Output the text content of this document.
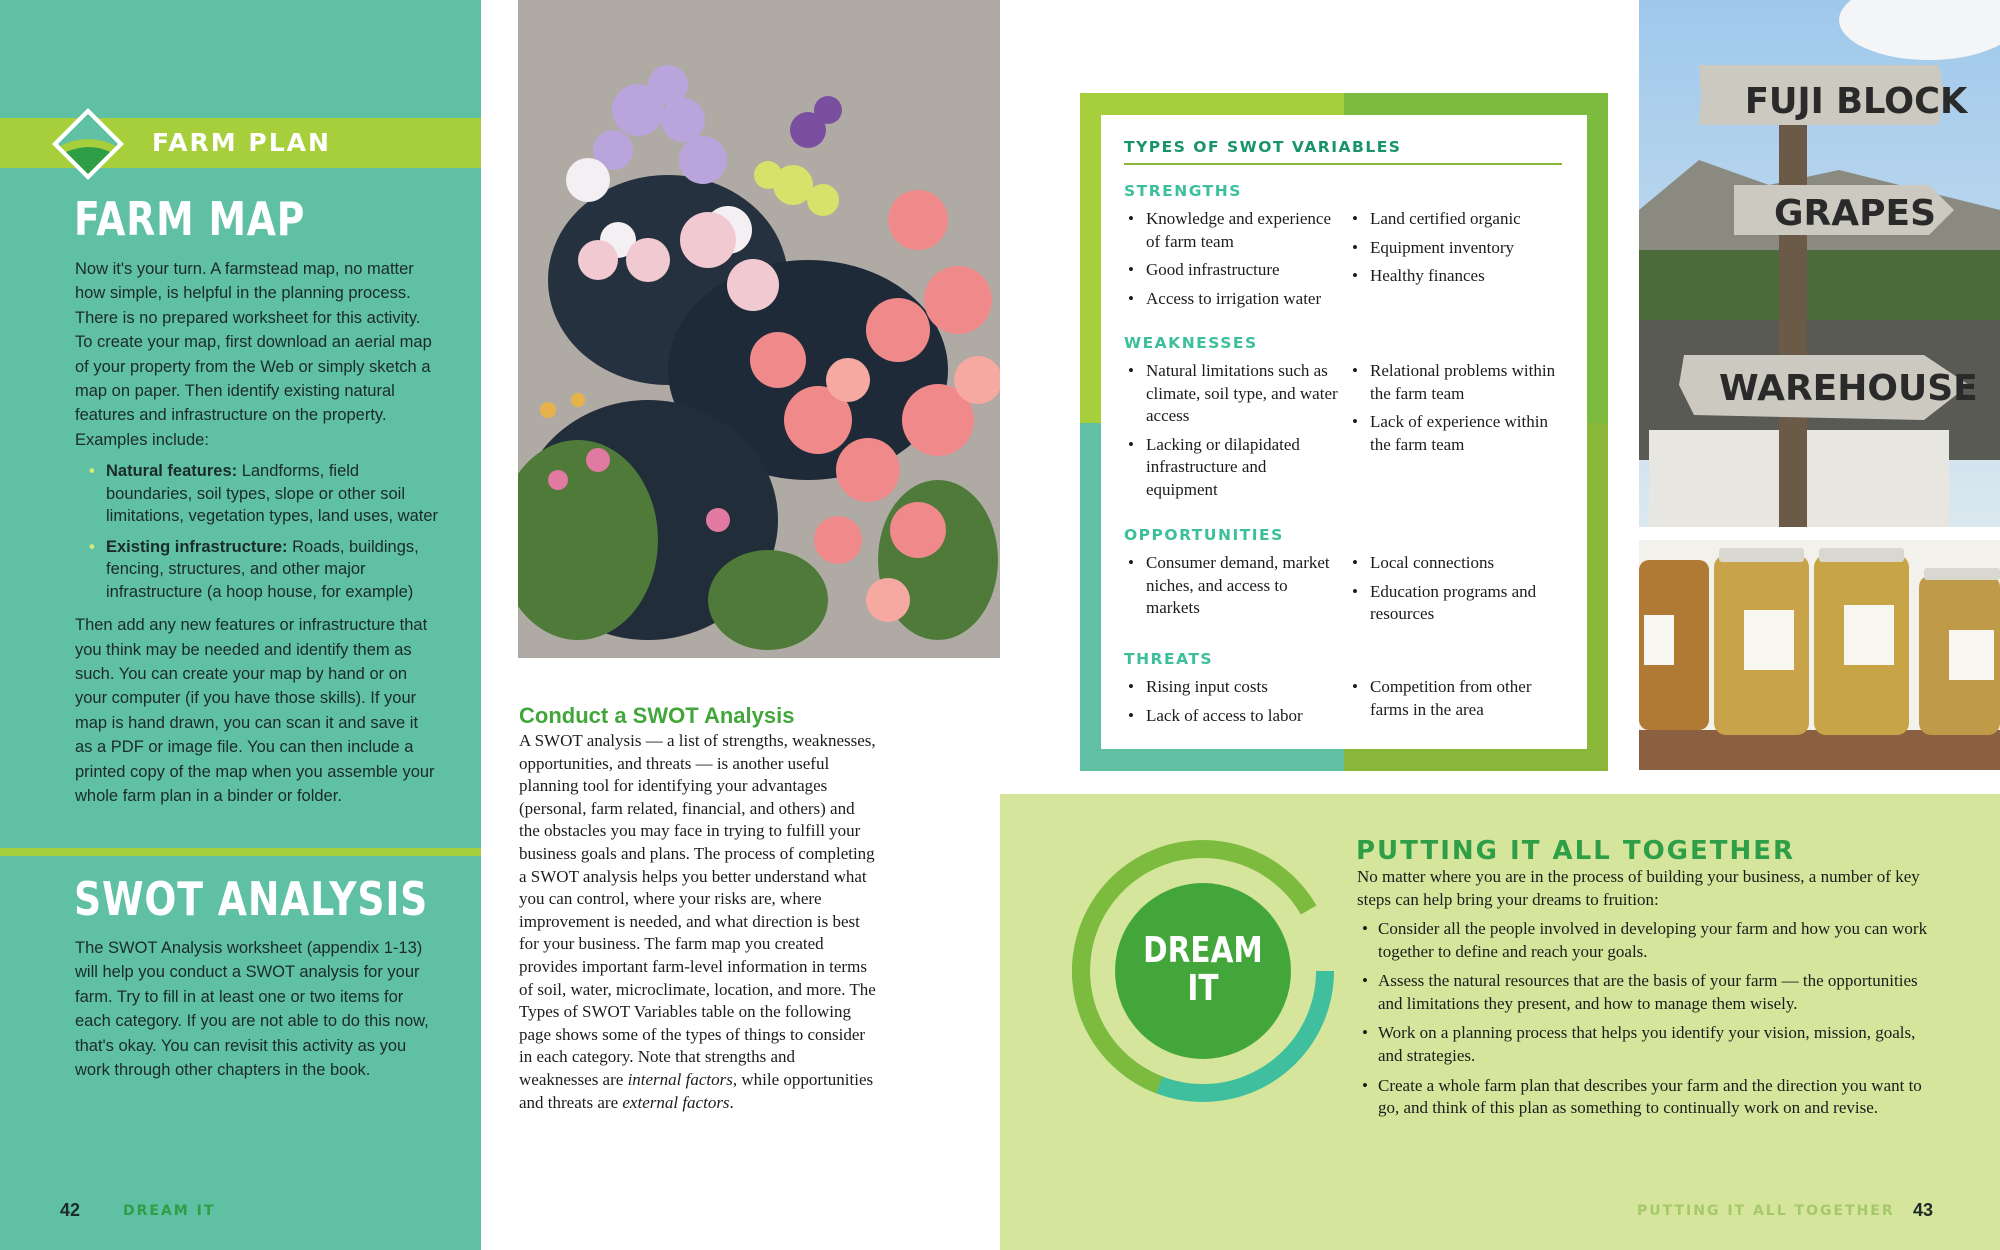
FARM PLAN
FARM MAP

Now it's your turn. A farmstead map, no matter how simple, is helpful in the planning process. There is no prepared worksheet for this activity. To create your map, first download an aerial map of your property from the Web or simply sketch a map on paper. Then identify existing natural features and infrastructure on the property. Examples include:

• Natural features: Landforms, field boundaries, soil types, slope or other soil limitations, vegetation types, land uses, water
• Existing infrastructure: Roads, buildings, fencing, structures, and other major infrastructure (a hoop house, for example)

Then add any new features or infrastructure that you think may be needed and identify them as such. You can create your map by hand or on your computer (if you have those skills). If your map is hand drawn, you can scan it and save it as a PDF or image file. You can then include a printed copy of the map when you assemble your whole farm plan in a binder or folder.

SWOT ANALYSIS
The SWOT Analysis worksheet (appendix 1-13) will help you conduct a SWOT analysis for your farm. Try to fill in at least one or two items for each category. If you are not able to do this now, that's okay. You can revisit this activity as you work through other chapters in the book.
42	DREAM IT
Conduct a SWOT Analysis
A SWOT analysis — a list of strengths, weaknesses, opportunities, and threats — is another useful planning tool for identifying your advantages (personal, farm related, financial, and others) and the obstacles you may face in trying to fulfill your business goals and plans. The process of completing a SWOT analysis helps you better understand what you can control, where your risks are, where improvement is needed, and what direction is best for your business. The farm map you created provides important farm-level information in terms of soil, water, microclimate, location, and more. The Types of SWOT Variables table on the following page shows some of the types of things to consider in each category. Note that strengths and weaknesses are internal factors, while opportunities and threats are external factors.
TYPES OF SWOT VARIABLES
STRENGTHS
• Knowledge and experience of farm team
• Good infrastructure
• Access to irrigation water
• Land certified organic
• Equipment inventory
• Healthy finances
WEAKNESSES
• Natural limitations such as climate, soil type, and water access
• Lacking or dilapidated infrastructure and equipment
• Relational problems within the farm team
• Lack of experience within the farm team
OPPORTUNITIES
• Consumer demand, market niches, and access to markets
• Local connections
• Education programs and resources
THREATS
• Rising input costs
• Lack of access to labor
• Competition from other farms in the area
FUJI BLOCK
GRAPES
WAREHOUSE
DREAM
IT
PUTTING IT ALL TOGETHER
No matter where you are in the process of building your business, a number of key steps can help bring your dreams to fruition:
• Consider all the people involved in developing your farm and how you can work together to define and reach your goals.
• Assess the natural resources that are the basis of your farm — the opportunities and limitations they present, and how to manage them wisely.
• Work on a planning process that helps you identify your vision, mission, goals, and strategies.
• Create a whole farm plan that describes your farm and the direction you want to go, and think of this plan as something to continually work on and revise.
PUTTING IT ALL TOGETHER 43
